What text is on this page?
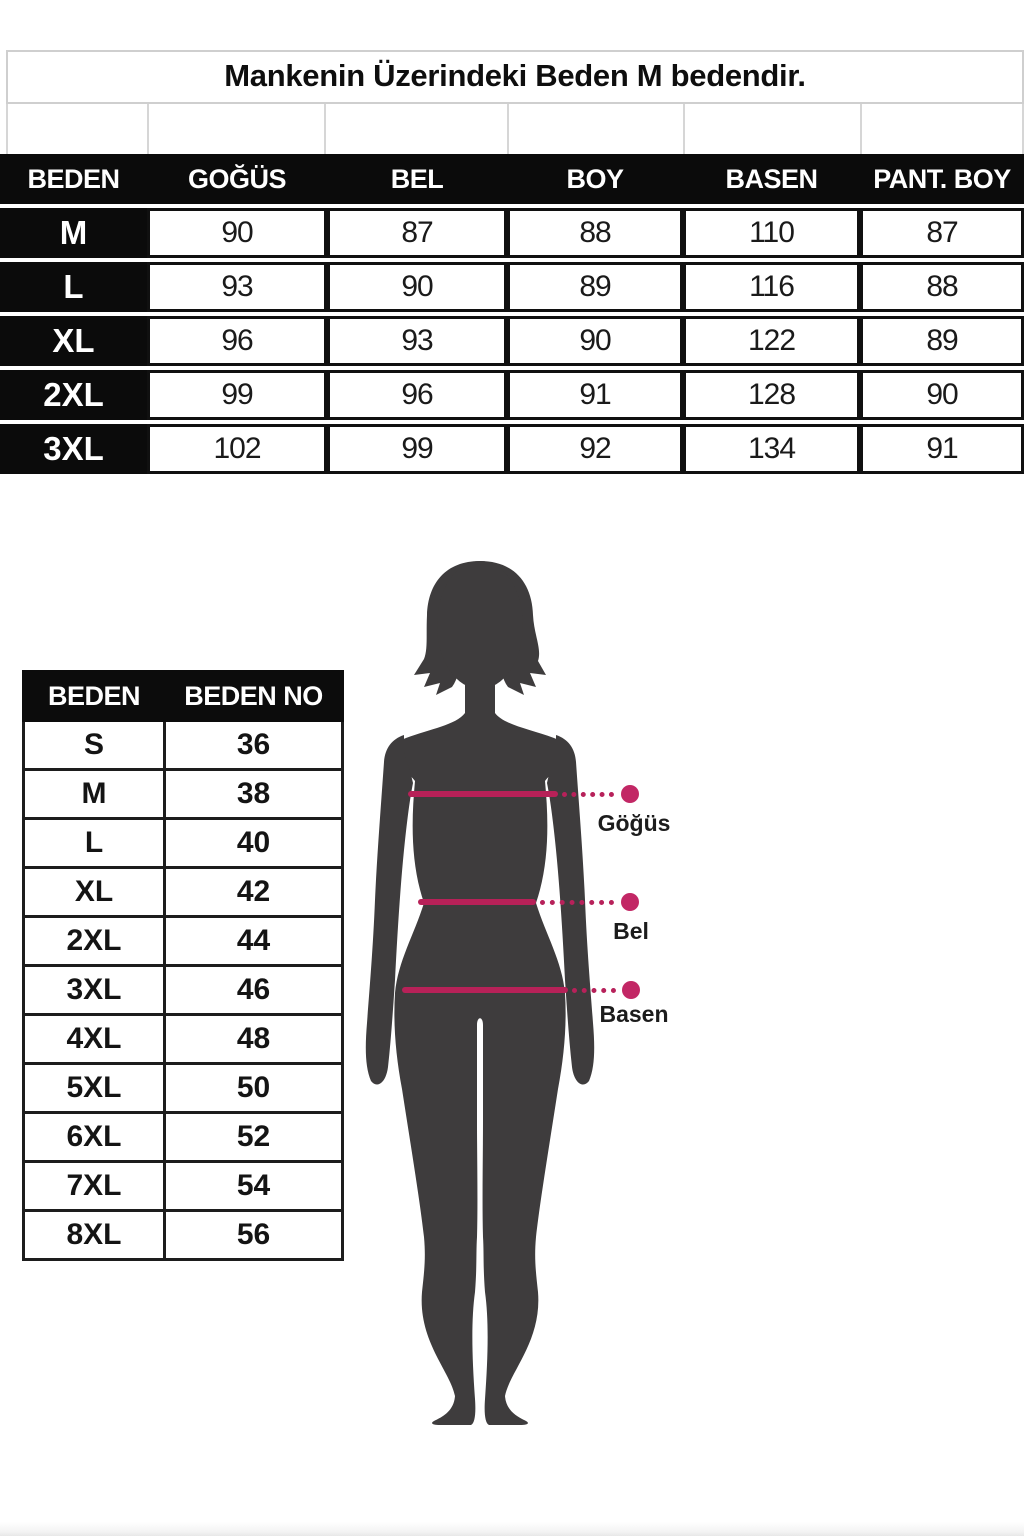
Mankenin Üzerindeki Beden M bedendir.
BEDEN	GOĞÜS	BEL	BOY	BASEN	PANT. BOY
M	90	87	88	110	87
L	93	90	89	116	88
XL	96	93	90	122	89
2XL	99	96	91	128	90
3XL	102	99	92	134	91
BEDEN	BEDEN NO
S	36
M	38
L	40
XL	42
2XL	44
3XL	46
4XL	48
5XL	50
6XL	52
7XL	54
8XL	56
Göğüs
Bel
Basen
